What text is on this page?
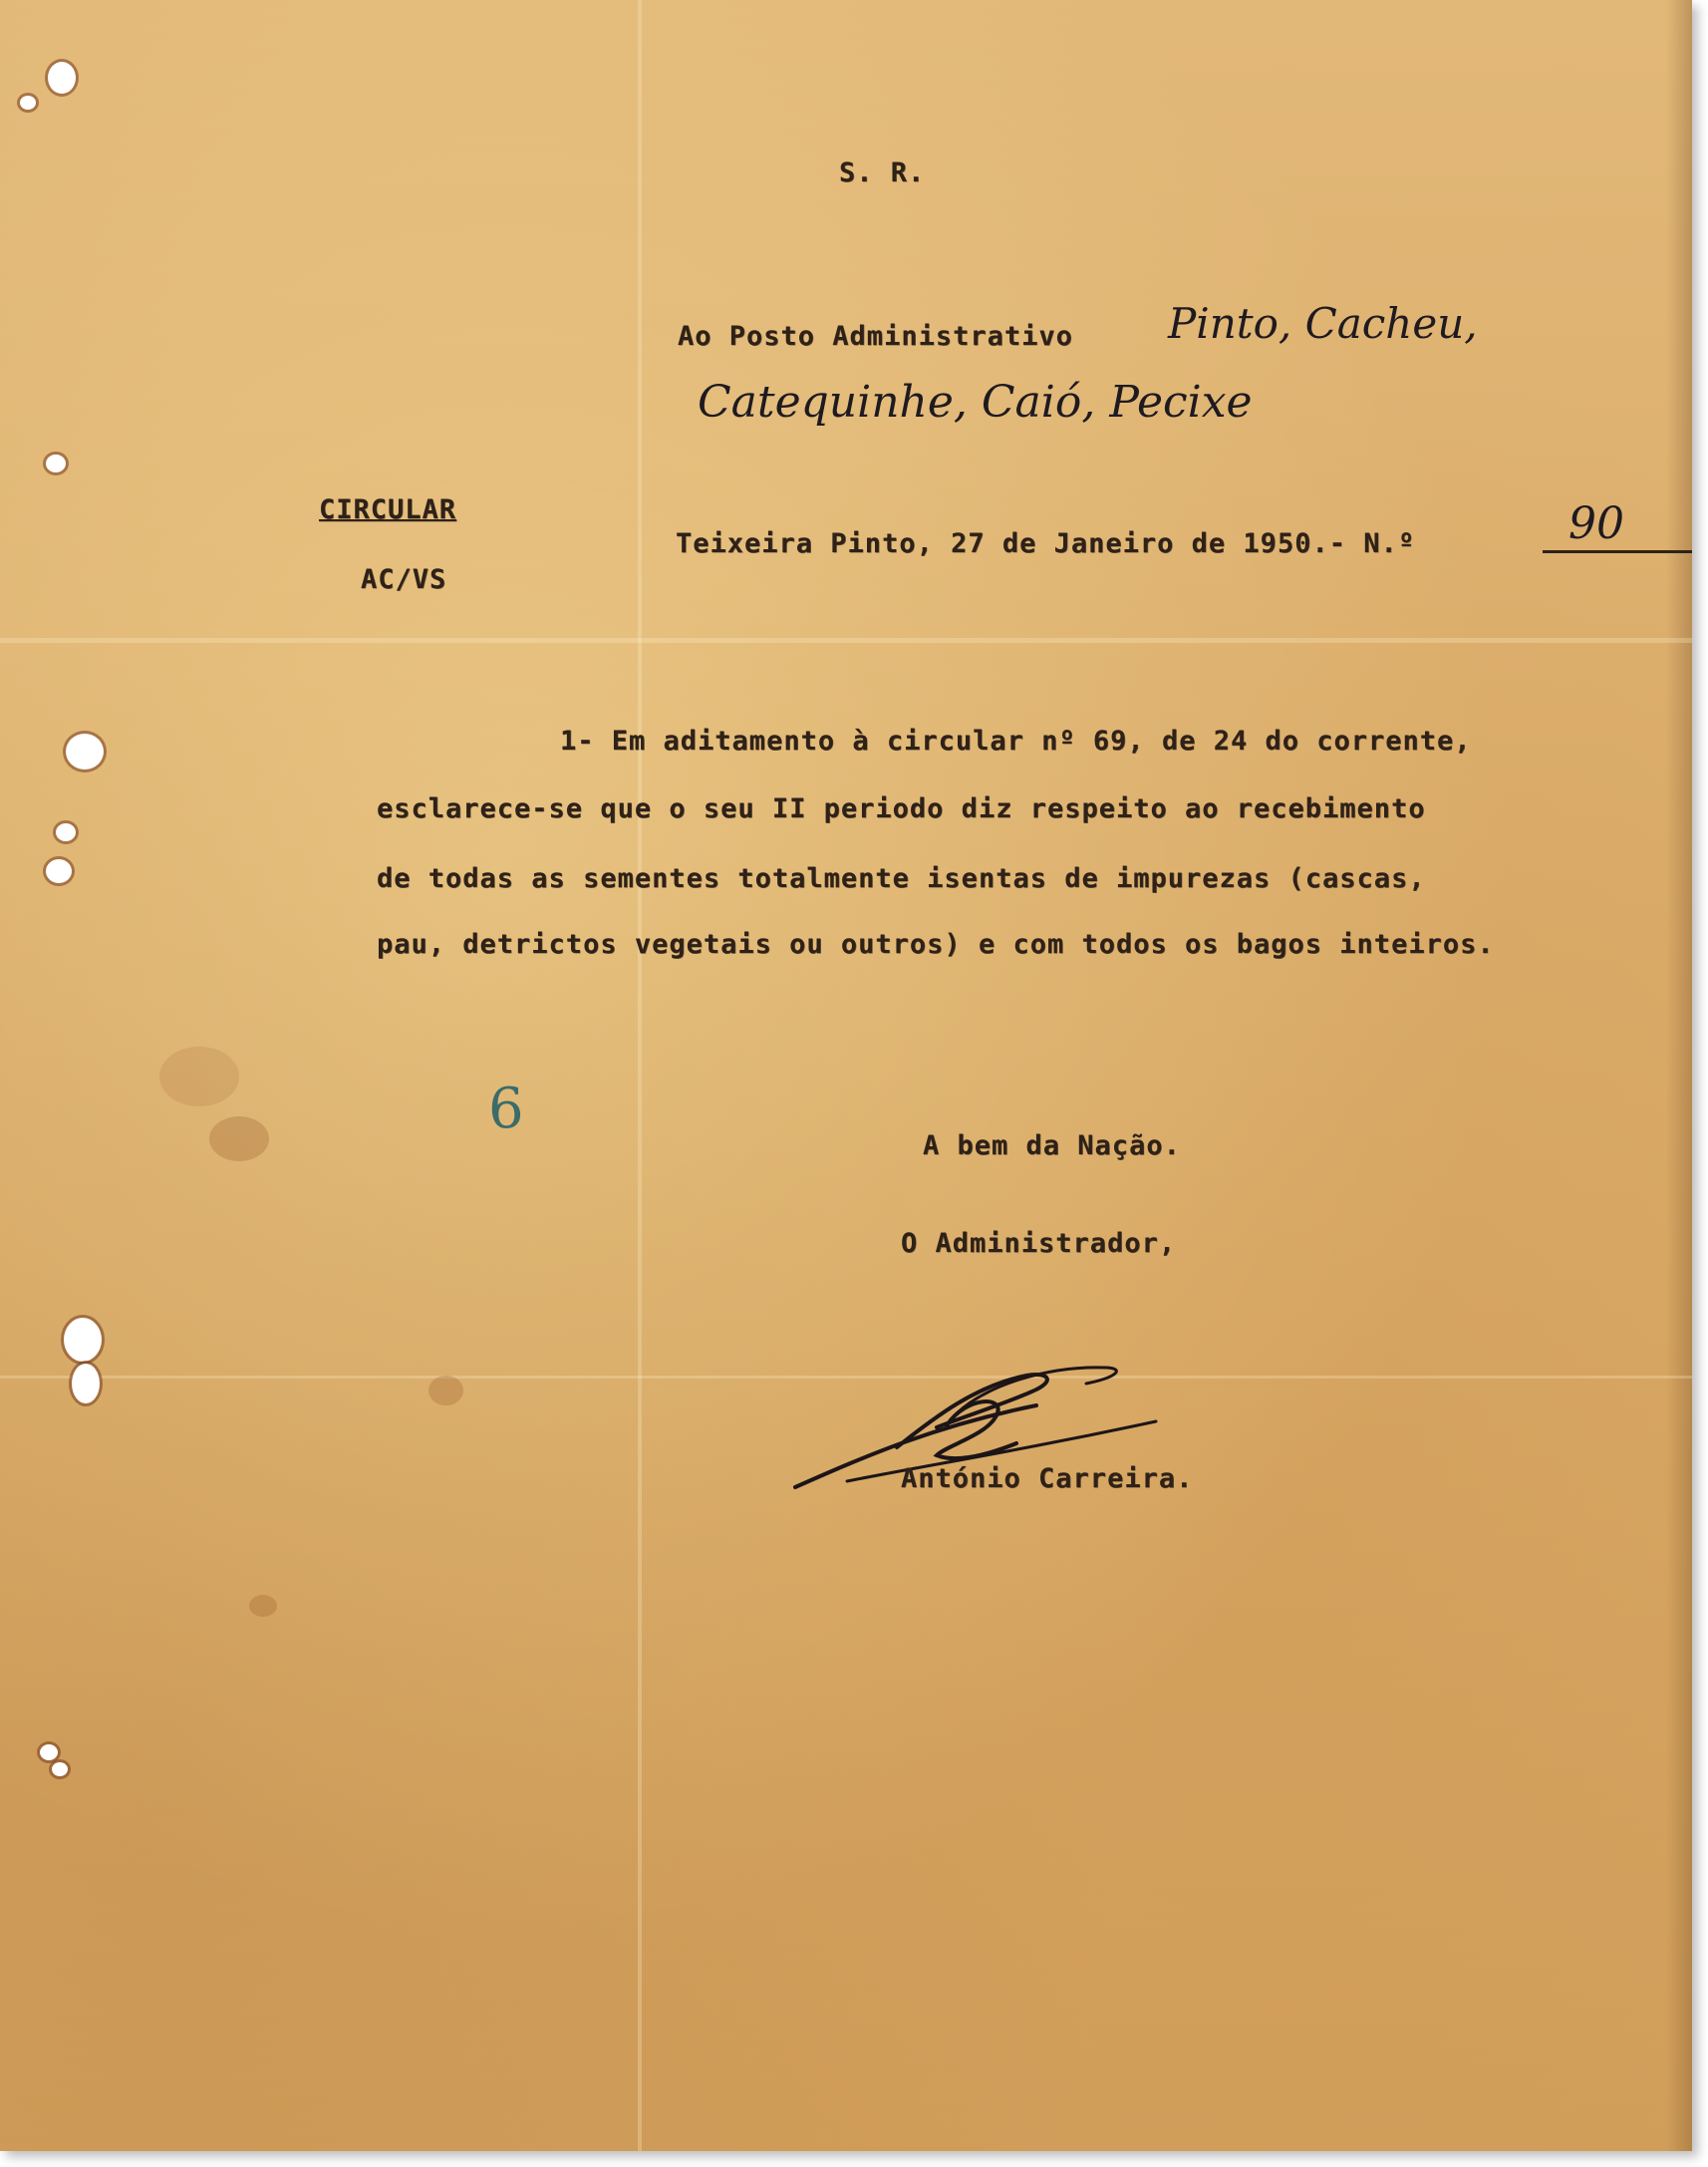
S. R.
Ao Posto Administrativo Pinto, Cacheu,
Catequinhe, Caió, Pecixe
CIRCULAR
AC/VS
Teixeira Pinto, 27 de Janeiro de 1950.- N.º	90
1- Em aditamento à circular nº 69, de 24 do corrente,
esclarece-se que o seu II periodo diz respeito ao recebimento
de todas as sementes totalmente isentas de impurezas (cascas,
pau, detrictos vegetais ou outros) e com todos os bagos inteiros.
6
A bem da Nação.
O Administrador,
António Carreira.
